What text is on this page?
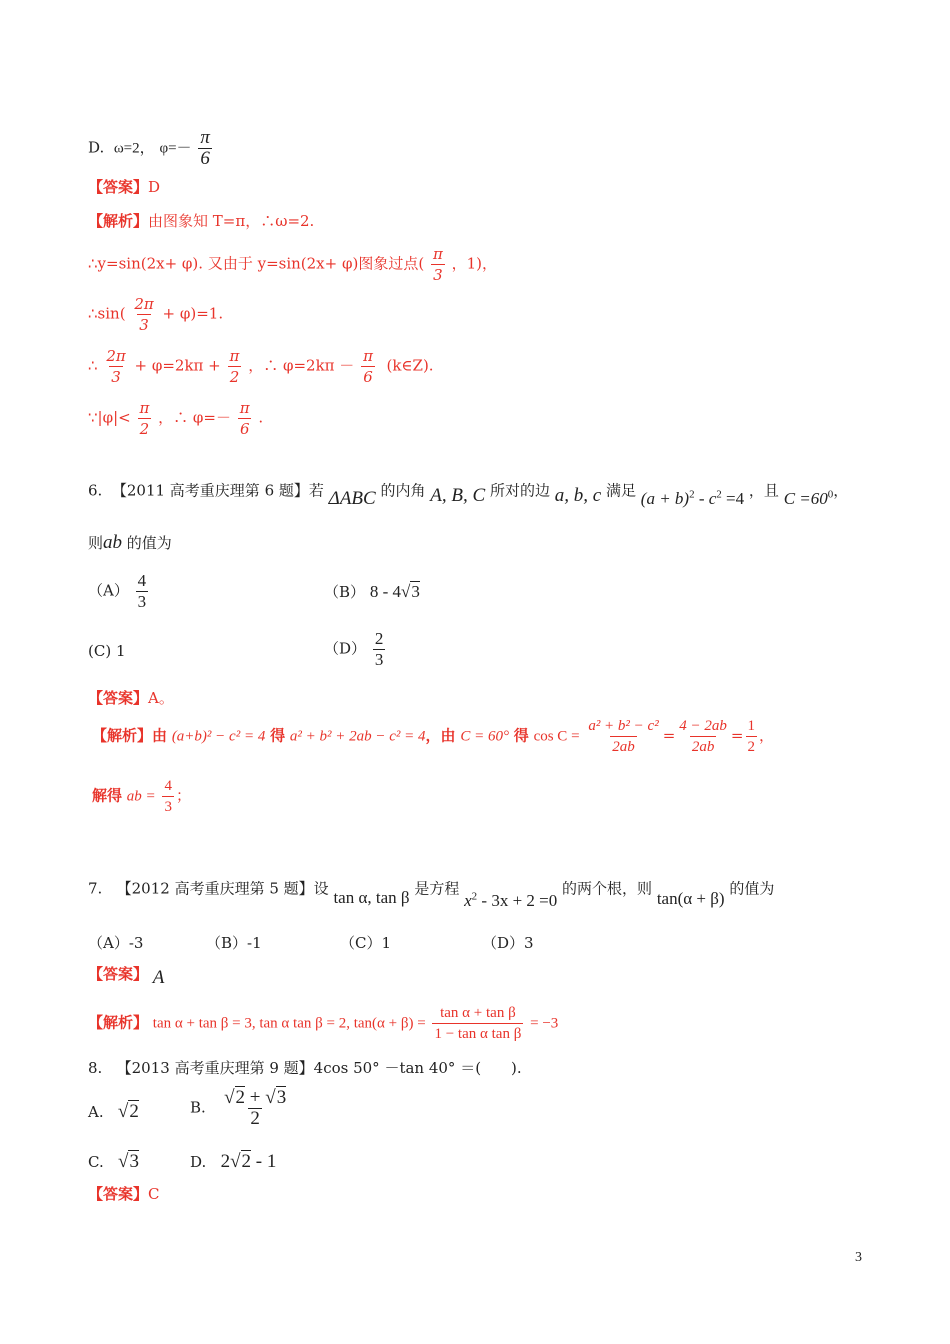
D. ω=2， $\varphi=- \frac{\pi}{6}$
【答案】D
【解析】由图象知 T=π，∴ω=2.
∴y=sin(2x+ φ). 又由于 y=sin(2x+ φ)图象过点( $\frac{\pi}{3}$ ，1)，
∴sin( $\frac{2\pi}{3} + \varphi)=1$.
∴ $\frac{2\pi}{3} + \varphi=2k\pi + \frac{\pi}{2}$ ，∴ $\varphi=2k\pi - \frac{\pi}{6}$ (k∈Z).
∵|φ|< $\frac{\pi}{2}$ ，∴ $\varphi=- \frac{\pi}{6}$ .
6. 【2011 高考重庆理第 6 题】若 ΔABC 的内角 A, B, C 所对的边 a, b, c 满足 $(a + b)^2 - c^2 =4$ ，且 $C =60^0$，
则ab 的值为
$(A) \frac{4}{3}$	（B） 8 - 4√3
(C) 1	$(D) \frac{2}{3}$
【答案】A。
【解析】由 (a+b)² − c² = 4 得 a² + b² + 2ab − c² = 4，由 C = 60° 得 $\cos C = \frac{\text{a² + b² − c²}}{2ab} = \frac{4 - 2ab}{2ab} = \frac{1}{2}$ ，
解得 ab = $\frac{4}{3}$ ；
7. 【2012 高考重庆理第 5 题】设 tan α, tan β 是方程 $x^2 - 3x + 2 =0$ 的两个根，则 tan(α + β) 的值为
（A）-3	（B）-1	（C）1	（D）3
【答案】 A
【解析】 tan α + tan β = 3, tan α tan β = 2, $\tan(\alpha + \beta) = \frac{\text{tan α + tan β}}{\text{1 − tan α tan β}} = -3$
8. 【2013 高考重庆理第 9 题】4cos 50° －tan 40° ＝(　　).
A. √2	B. $\frac{√2 + √3}{2}$
C. √3	D. 2√2 - 1
【答案】C
3
